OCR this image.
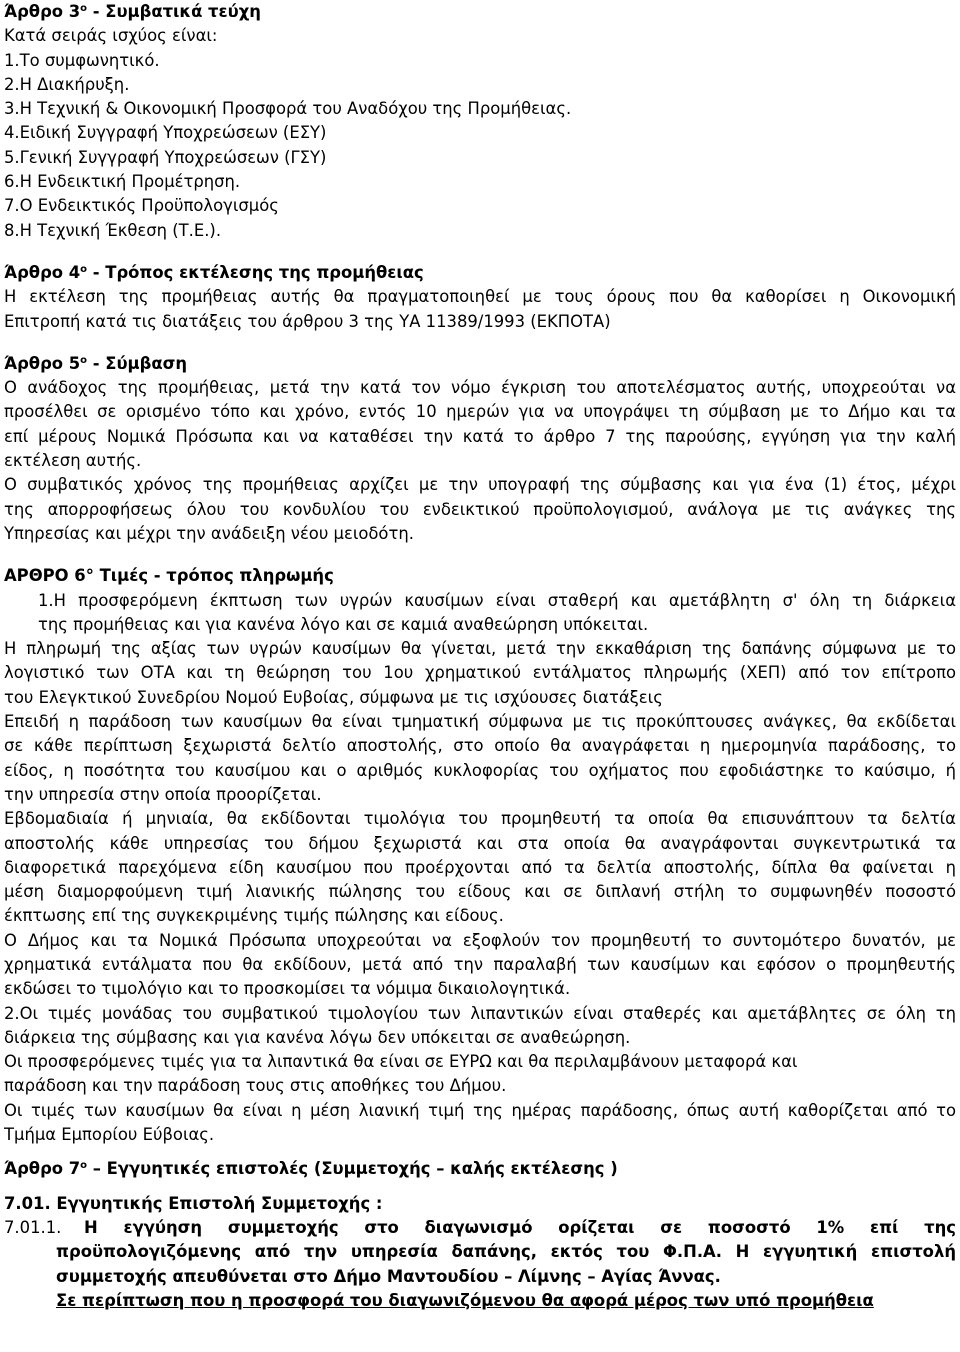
Άρθρο $3^o$ - Συμβατικά τεύχη
Κατά σειράς ισχύος είναι:
1.Το συμφωνητικό.
2.Η Διακήρυξη.
3.Η Τεχνική & Οικονομική Προσφορά του Αναδόχου της Προμήθειας.
4.Ειδική Συγγραφή Υποχρεώσεων (ΕΣΥ)
5.Γενική Συγγραφή Υποχρεώσεων (ΓΣΥ)
6.Η Ενδεικτική Προμέτρηση.
7.Ο Ενδεικτικός Προϋπολογισμός
8.Η Τεχνική Έκθεση (Τ.Ε.).
Άρθρο $4^o$ - Τρόπος εκτέλεσης της προμήθειας
Η εκτέλεση της προμήθειας αυτής θα πραγματοποιηθεί με τους όρους που θα καθορίσει η Οικονομική
Επιτροπή κατά τις διατάξεις του άρθρου 3 της ΥΑ 11389/1993 (ΕΚΠΟΤΑ)
Άρθρο $5^o$ - Σύμβαση
Ο ανάδοχος της προμήθειας, μετά την κατά τον νόμο έγκριση του αποτελέσματος αυτής, υποχρεούται να
προσέλθει σε ορισμένο τόπο και χρόνο, εντός 10 ημερών για να υπογράψει τη σύμβαση με το Δήμο και τα
επί μέρους Νομικά Πρόσωπα και να καταθέσει την κατά το άρθρο 7 της παρούσης, εγγύηση για την καλή
εκτέλεση αυτής.
Ο συμβατικός χρόνος της προμήθειας αρχίζει με την υπογραφή της σύμβασης και για ένα (1) έτος, μέχρι
της απορροφήσεως όλου του κονδυλίου του ενδεικτικού προϋπολογισμού, ανάλογα με τις ανάγκες της
Υπηρεσίας και μέχρι την ανάδειξη νέου μειοδότη.
ΑΡΘΡΟ 6° Τιμές - τρόπος πληρωμής
1.Η προσφερόμενη έκπτωση των υγρών καυσίμων είναι σταθερή και αμετάβλητη σ' όλη τη διάρκεια
της προμήθειας και για κανένα λόγο και σε καμιά αναθεώρηση υπόκειται.
Η πληρωμή της αξίας των υγρών καυσίμων θα γίνεται, μετά την εκκαθάριση της δαπάνης σύμφωνα με το
λογιστικό των ΟΤΑ και τη θεώρηση του 1ου χρηματικού εντάλματος πληρωμής (ΧΕΠ) από τον επίτροπο
του Ελεγκτικού Συνεδρίου Νομού Ευβοίας, σύμφωνα με τις ισχύουσες διατάξεις
Επειδή η παράδοση των καυσίμων θα είναι τμηματική σύμφωνα με τις προκύπτουσες ανάγκες, θα εκδίδεται
σε κάθε περίπτωση ξεχωριστά δελτίο αποστολής, στο οποίο θα αναγράφεται η ημερομηνία παράδοσης, το
είδος, η ποσότητα του καυσίμου και ο αριθμός κυκλοφορίας του οχήματος που εφοδιάστηκε το καύσιμο, ή
την υπηρεσία στην οποία προορίζεται.
Εβδομαδιαία ή μηνιαία, θα εκδίδονται τιμολόγια του προμηθευτή τα οποία θα επισυνάπτουν τα δελτία
αποστολής κάθε υπηρεσίας του δήμου ξεχωριστά και στα οποία θα αναγράφονται συγκεντρωτικά τα
διαφορετικά παρεχόμενα είδη καυσίμου που προέρχονται από τα δελτία αποστολής, δίπλα θα φαίνεται η
μέση διαμορφούμενη τιμή λιανικής πώλησης του είδους και σε διπλανή στήλη το συμφωνηθέν ποσοστό
έκπτωσης επί της συγκεκριμένης τιμής πώλησης και είδους.
Ο Δήμος και τα Νομικά Πρόσωπα υποχρεούται να εξοφλούν τον προμηθευτή το συντομότερο δυνατόν, με
χρηματικά εντάλματα που θα εκδίδουν, μετά από την παραλαβή των καυσίμων και εφόσον ο προμηθευτής
εκδώσει το τιμολόγιο και το προσκομίσει τα νόμιμα δικαιολογητικά.
2.Οι τιμές μονάδας του συμβατικού τιμολογίου των λιπαντικών είναι σταθερές και αμετάβλητες σε όλη τη
διάρκεια της σύμβασης και για κανένα λόγω δεν υπόκειται σε αναθεώρηση.
Οι προσφερόμενες τιμές για τα λιπαντικά θα είναι σε ΕΥΡΩ και θα περιλαμβάνουν μεταφορά και
παράδοση και την παράδοση τους στις αποθήκες του Δήμου.
Οι τιμές των καυσίμων θα είναι η μέση λιανική τιμή της ημέρας παράδοσης, όπως αυτή καθορίζεται από το
Τμήμα Εμπορίου Εύβοιας.
Άρθρο $7^o$ – Εγγυητικές επιστολές (Συμμετοχής – καλής εκτέλεσης )
7.01. Εγγυητικής Επιστολή Συμμετοχής :
7.01.1.	Η εγγύηση συμμετοχής στο διαγωνισμό ορίζεται σε ποσοστό 1% επί της
προϋπολογιζόμενης από την υπηρεσία δαπάνης, εκτός του Φ.Π.Α. Η εγγυητική επιστολή
συμμετοχής απευθύνεται στο Δήμο Μαντουδίου – Λίμνης – Αγίας Άννας.
Σε περίπτωση που η προσφορά του διαγωνιζόμενου θα αφορά μέρος των υπό προμήθεια
